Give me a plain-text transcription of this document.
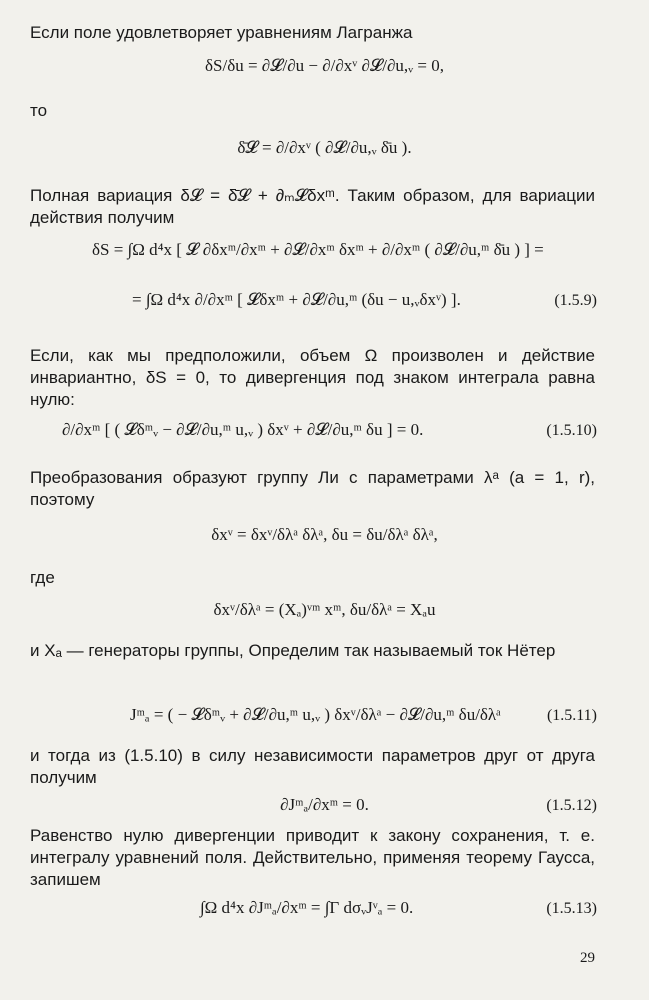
Если поле удовлетворяет уравнениям Лагранжа
δS/δu = ∂𝓛/∂u − ∂/∂xᵛ ∂𝓛/∂u,ᵥ = 0,
то
δ̄𝓛 = ∂/∂xᵛ ( ∂𝓛/∂u,ᵥ δ̄u ).
Полная вариация δ𝓛 = δ̄𝓛 + ∂ₘ𝓛δxᵐ. Таким образом, для вариации действия получим
δS = ∫Ω d⁴x [ 𝓛 ∂δxᵐ/∂xᵐ + ∂𝓛/∂xᵐ δxᵐ + ∂/∂xᵐ ( ∂𝓛/∂u,ᵐ δ̄u ) ] =
= ∫Ω d⁴x ∂/∂xᵐ [ 𝓛δxᵐ + ∂𝓛/∂u,ᵐ (δu − u,ᵥδxᵛ) ].	(1.5.9)
Если, как мы предположили, объем Ω произволен и действие инвариантно, δS = 0, то дивергенция под знаком интеграла равна нулю:
∂/∂xᵐ [ ( 𝓛δᵐᵥ − ∂𝓛/∂u,ᵐ u,ᵥ ) δxᵛ + ∂𝓛/∂u,ᵐ δu ] = 0.	(1.5.10)
Преобразования образуют группу Ли с параметрами λᵃ (a = 1, r), поэтому
δxᵛ = δxᵛ/δλᵃ δλᵃ, δu = δu/δλᵃ δλᵃ,
где
δxᵛ/δλᵃ = (Xₐ)ᵛᵐ xᵐ, δu/δλᵃ = Xₐu
и Xₐ — генераторы группы, Определим так называемый ток Нётер
Jᵐₐ = ( − 𝓛δᵐᵥ + ∂𝓛/∂u,ᵐ u,ᵥ ) δxᵛ/δλᵃ − ∂𝓛/∂u,ᵐ δu/δλᵃ	(1.5.11)
и тогда из (1.5.10) в силу независимости параметров друг от друга получим
∂Jᵐₐ/∂xᵐ = 0.	(1.5.12)
Равенство нулю дивергенции приводит к закону сохранения, т. е. интегралу уравнений поля. Действительно, применяя теорему Гаусса, запишем
∫Ω d⁴x ∂Jᵐₐ/∂xᵐ = ∫Γ dσᵥJᵛₐ = 0.	(1.5.13)
29
